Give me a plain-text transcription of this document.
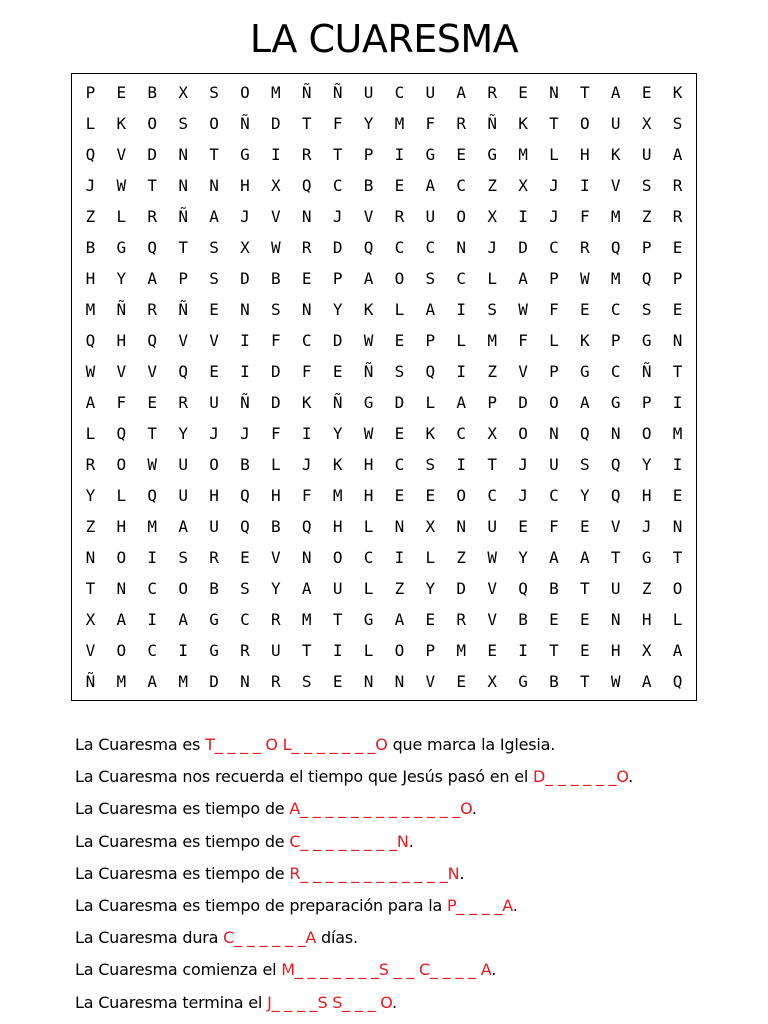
LA CUARESMA
P	E	B	X	S	O	M	Ñ	Ñ	U	C	U	A	R	E	N	T	A	E	K
L	K	O	S	O	Ñ	D	T	F	Y	M	F	R	Ñ	K	T	O	U	X	S
Q	V	D	N	T	G	I	R	T	P	I	G	E	G	M	L	H	K	U	A
J	W	T	N	N	H	X	Q	C	B	E	A	C	Z	X	J	I	V	S	R
Z	L	R	Ñ	A	J	V	N	J	V	R	U	O	X	I	J	F	M	Z	R
B	G	Q	T	S	X	W	R	D	Q	C	C	N	J	D	C	R	Q	P	E
H	Y	A	P	S	D	B	E	P	A	O	S	C	L	A	P	W	M	Q	P
M	Ñ	R	Ñ	E	N	S	N	Y	K	L	A	I	S	W	F	E	C	S	E
Q	H	Q	V	V	I	F	C	D	W	E	P	L	M	F	L	K	P	G	N
W	V	V	Q	E	I	D	F	E	Ñ	S	Q	I	Z	V	P	G	C	Ñ	T
A	F	E	R	U	Ñ	D	K	Ñ	G	D	L	A	P	D	O	A	G	P	I
L	Q	T	Y	J	J	F	I	Y	W	E	K	C	X	O	N	Q	N	O	M
R	O	W	U	O	B	L	J	K	H	C	S	I	T	J	U	S	Q	Y	I
Y	L	Q	U	H	Q	H	F	M	H	E	E	O	C	J	C	Y	Q	H	E
Z	H	M	A	U	Q	B	Q	H	L	N	X	N	U	E	F	E	V	J	N
N	O	I	S	R	E	V	N	O	C	I	L	Z	W	Y	A	A	T	G	T
T	N	C	O	B	S	Y	A	U	L	Z	Y	D	V	Q	B	T	U	Z	O
X	A	I	A	G	C	R	M	T	G	A	E	R	V	B	E	E	N	H	L
V	O	C	I	G	R	U	T	I	L	O	P	M	E	I	T	E	H	X	A
Ñ	M	A	M	D	N	R	S	E	N	N	V	E	X	G	B	T	W	A	Q
La Cuaresma es T_ _ _ _ O L_ _ _ _ _ _ _O que marca la Iglesia.
La Cuaresma nos recuerda el tiempo que Jesús pasó en el D_ _ _ _ _ _O.
La Cuaresma es tiempo de A_ _ _ _ _ _ _ _ _ _ _ _ _O.
La Cuaresma es tiempo de C_ _ _ _ _ _ _ _N.
La Cuaresma es tiempo de R_ _ _ _ _ _ _ _ _ _ _ _N.
La Cuaresma es tiempo de preparación para la P_ _ _ _A.
La Cuaresma dura C_ _ _ _ _ _A días.
La Cuaresma comienza el M_ _ _ _ _ _ _S _ _ C_ _ _ _ A.
La Cuaresma termina el J_ _ _ _S S_ _ _ O.
